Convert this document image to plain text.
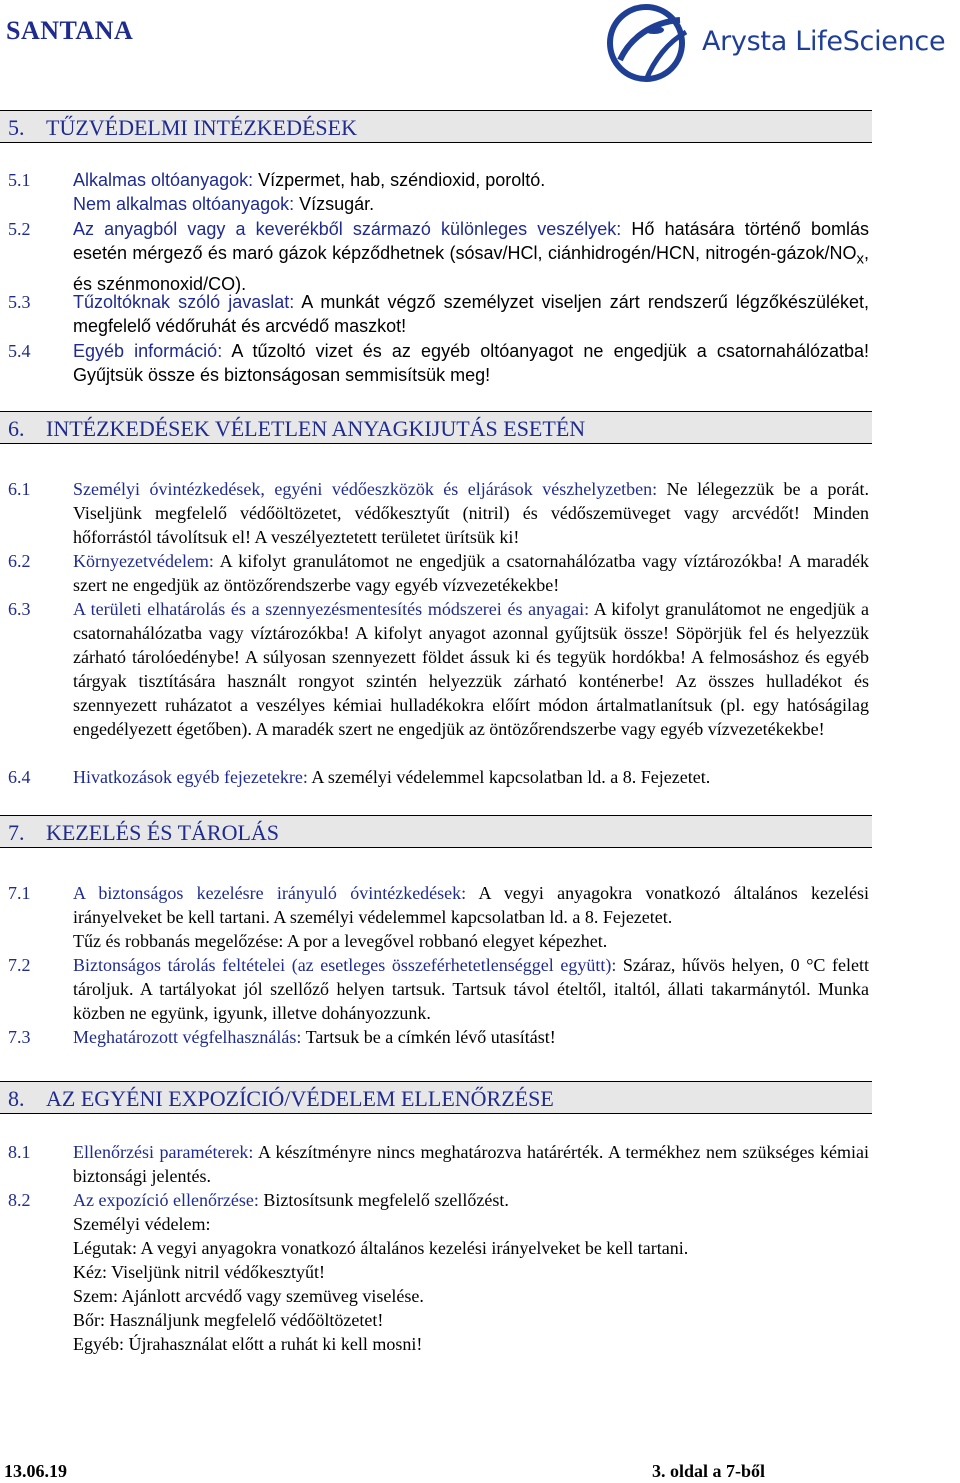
SANTANA	Arysta LifeScience
5. TŰZVÉDELMI INTÉZKEDÉSEK
5.1 Alkalmas oltóanyagok: Vízpermet, hab, széndioxid, poroltó.
Nem alkalmas oltóanyagok: Vízsugár.
5.2 Az anyagból vagy a keverékből származó különleges veszélyek: Hő hatására történő bomlás esetén mérgező és maró gázok képződhetnek (sósav/HCl, ciánhidrogén/HCN, nitrogén-$gázok/NO_x$, és szénmonoxid/CO).
5.3 Tűzoltóknak szóló javaslat: A munkát végző személyzet viseljen zárt rendszerű légzőkészüléket, megfelelő védőruhát és arcvédő maszkot!
5.4 Egyéb információ: A tűzoltó vizet és az egyéb oltóanyagot ne engedjük a csatornahálózatba! Gyűjtsük össze és biztonságosan semmisítsük meg!
6. INTÉZKEDÉSEK VÉLETLEN ANYAGKIJUTÁS ESETÉN
6.1 Személyi óvintézkedések, egyéni védőeszközök és eljárások vészhelyzetben: Ne lélegezzük be a porát. Viseljünk megfelelő védőöltözetet, védőkesztyűt (nitril) és védőszemüveget vagy arcvédőt! Minden hőforrástól távolítsuk el! A veszélyeztetett területet ürítsük ki!
6.2 Környezetvédelem: A kifolyt granulátomot ne engedjük a csatornahálózatba vagy víztározókba! A maradék szert ne engedjük az öntözőrendszerbe vagy egyéb vízvezetékekbe!
6.3 A területi elhatárolás és a szennyezésmentesítés módszerei és anyagai: A kifolyt granulátomot ne engedjük a csatornahálózatba vagy víztározókba! A kifolyt anyagot azonnal gyűjtsük össze! Söpörjük fel és helyezzük zárható tárolóedénybe! A súlyosan szennyezett földet ássuk ki és tegyük hordókba! A felmosáshoz és egyéb tárgyak tisztítására használt rongyot szintén helyezzük zárható konténerbe! Az összes hulladékot és szennyezett ruházatot a veszélyes kémiai hulladékokra előírt módon ártalmatlanítsuk (pl. egy hatóságilag engedélyezett égetőben). A maradék szert ne engedjük az öntözőrendszerbe vagy egyéb vízvezetékekbe!
6.4 Hivatkozások egyéb fejezetekre: A személyi védelemmel kapcsolatban ld. a 8. Fejezetet.
7. KEZELÉS ÉS TÁROLÁS
7.1 A biztonságos kezelésre irányuló óvintézkedések: A vegyi anyagokra vonatkozó általános kezelési irányelveket be kell tartani. A személyi védelemmel kapcsolatban ld. a 8. Fejezetet.
Tűz és robbanás megelőzése: A por a levegővel robbanó elegyet képezhet.
7.2 Biztonságos tárolás feltételei (az esetleges összeférhetetlenséggel együtt): Száraz, hűvös helyen, 0 °C felett tároljuk. A tartályokat jól szellőző helyen tartsuk. Tartsuk távol ételtől, italtól, állati takarmánytól. Munka közben ne együnk, igyunk, illetve dohányozzunk.
7.3 Meghatározott végfelhasználás: Tartsuk be a címkén lévő utasítást!
8. AZ EGYÉNI EXPOZÍCIÓ/VÉDELEM ELLENŐRZÉSE
8.1 Ellenőrzési paraméterek: A készítményre nincs meghatározva határérték. A termékhez nem szükséges kémiai biztonsági jelentés.
8.2 Az expozíció ellenőrzése: Biztosítsunk megfelelő szellőzést.
Személyi védelem:
Légutak: A vegyi anyagokra vonatkozó általános kezelési irányelveket be kell tartani.
Kéz: Viseljünk nitril védőkesztyűt!
Szem: Ajánlott arcvédő vagy szemüveg viselése.
Bőr: Használjunk megfelelő védőöltözetet!
Egyéb: Újrahasználat előtt a ruhát ki kell mosni!
13.06.19	3. oldal a 7-ből
